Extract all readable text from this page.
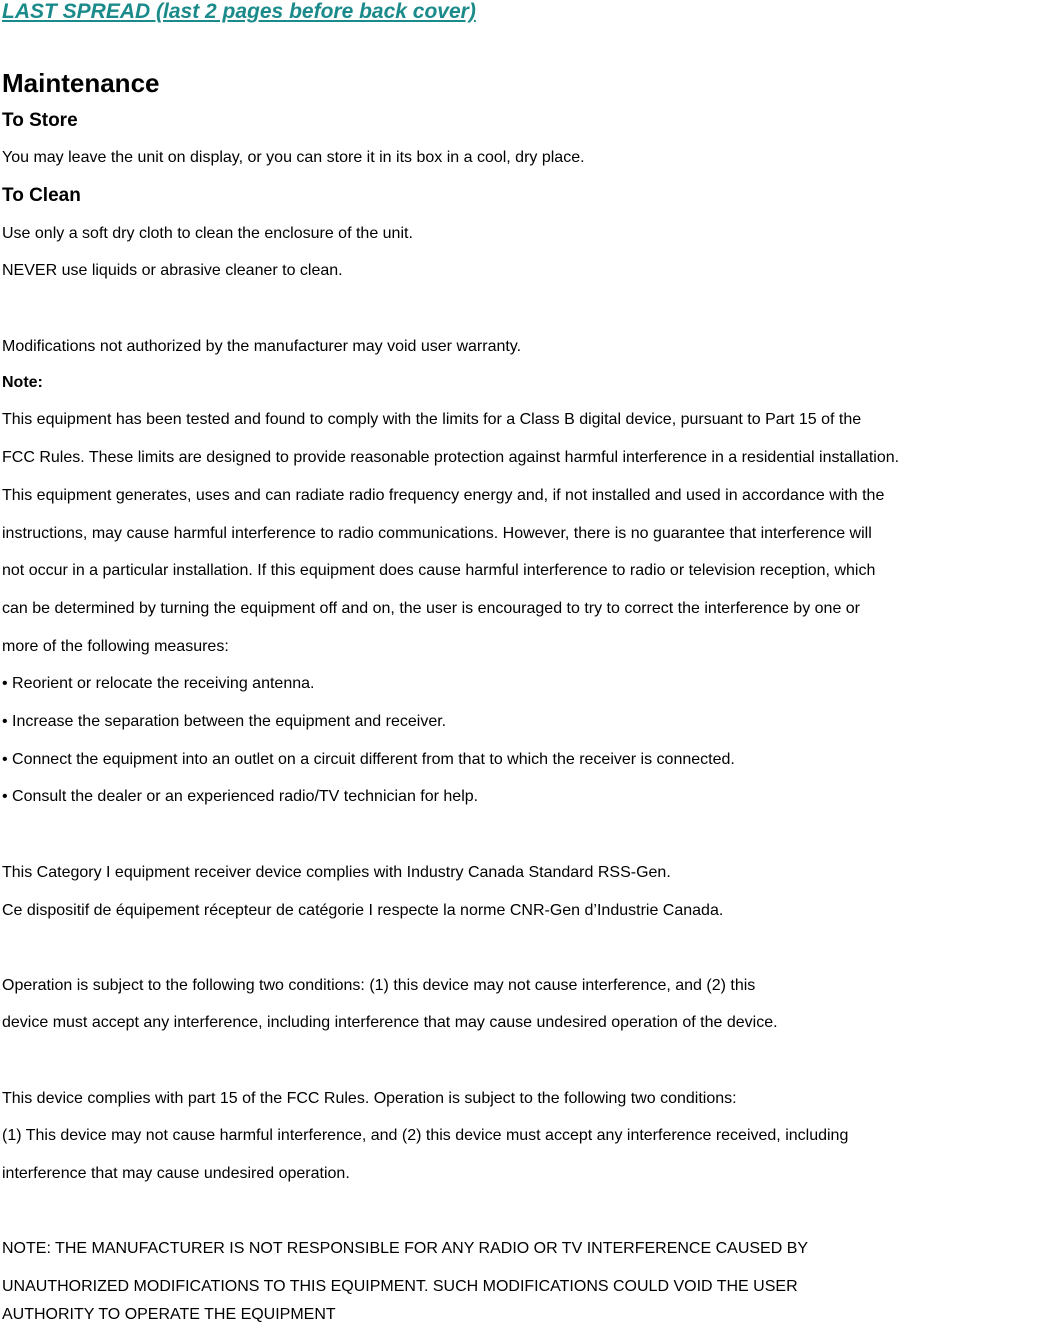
LAST SPREAD (last 2 pages before back cover)
Maintenance
To Store
You may leave the unit on display, or you can store it in its box in a cool, dry place.
To Clean
Use only a soft dry cloth to clean the enclosure of the unit.
NEVER use liquids or abrasive cleaner to clean.
Modifications not authorized by the manufacturer may void user warranty.
Note:
This equipment has been tested and found to comply with the limits for a Class B digital device, pursuant to Part 15 of the
FCC Rules. These limits are designed to provide reasonable protection against harmful interference in a residential installation.
This equipment generates, uses and can radiate radio frequency energy and, if not installed and used in accordance with the
instructions, may cause harmful interference to radio communications. However, there is no guarantee that interference will
not occur in a particular installation. If this equipment does cause harmful interference to radio or television reception, which
can be determined by turning the equipment off and on, the user is encouraged to try to correct the interference by one or
more of the following measures:
• Reorient or relocate the receiving antenna.
• Increase the separation between the equipment and receiver.
• Connect the equipment into an outlet on a circuit different from that to which the receiver is connected.
• Consult the dealer or an experienced radio/TV technician for help.
This Category I equipment receiver device complies with Industry Canada Standard RSS-Gen.
Ce dispositif de équipement récepteur de catégorie I respecte la norme CNR-Gen d’Industrie Canada.
Operation is subject to the following two conditions: (1) this device may not cause interference, and (2) this
device must accept any interference, including interference that may cause undesired operation of the device.
This device complies with part 15 of the FCC Rules. Operation is subject to the following two conditions:
(1) This device may not cause harmful interference, and (2) this device must accept any interference received, including
interference that may cause undesired operation.
NOTE: THE MANUFACTURER IS NOT RESPONSIBLE FOR ANY RADIO OR TV INTERFERENCE CAUSED BY
UNAUTHORIZED MODIFICATIONS TO THIS EQUIPMENT. SUCH MODIFICATIONS COULD VOID THE USER
AUTHORITY TO OPERATE THE EQUIPMENT
